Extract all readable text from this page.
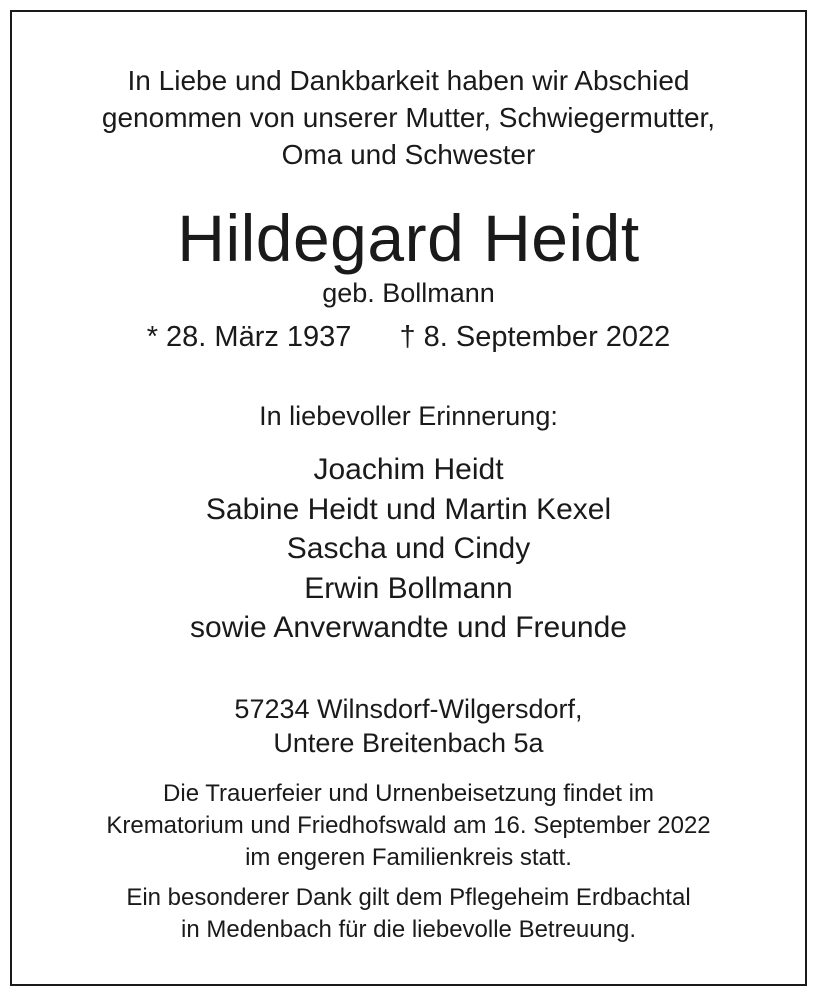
In Liebe und Dankbarkeit haben wir Abschied
genommen von unserer Mutter, Schwiegermutter,
Oma und Schwester
Hildegard Heidt
geb. Bollmann
* 28. März 1937 † 8. September 2022
In liebevoller Erinnerung:
Joachim Heidt
Sabine Heidt und Martin Kexel
Sascha und Cindy
Erwin Bollmann
sowie Anverwandte und Freunde
57234 Wilnsdorf-Wilgersdorf,
Untere Breitenbach 5a
Die Trauerfeier und Urnenbeisetzung findet im
Krematorium und Friedhofswald am 16. September 2022
im engeren Familienkreis statt.
Ein besonderer Dank gilt dem Pflegeheim Erdbachtal
in Medenbach für die liebevolle Betreuung.
